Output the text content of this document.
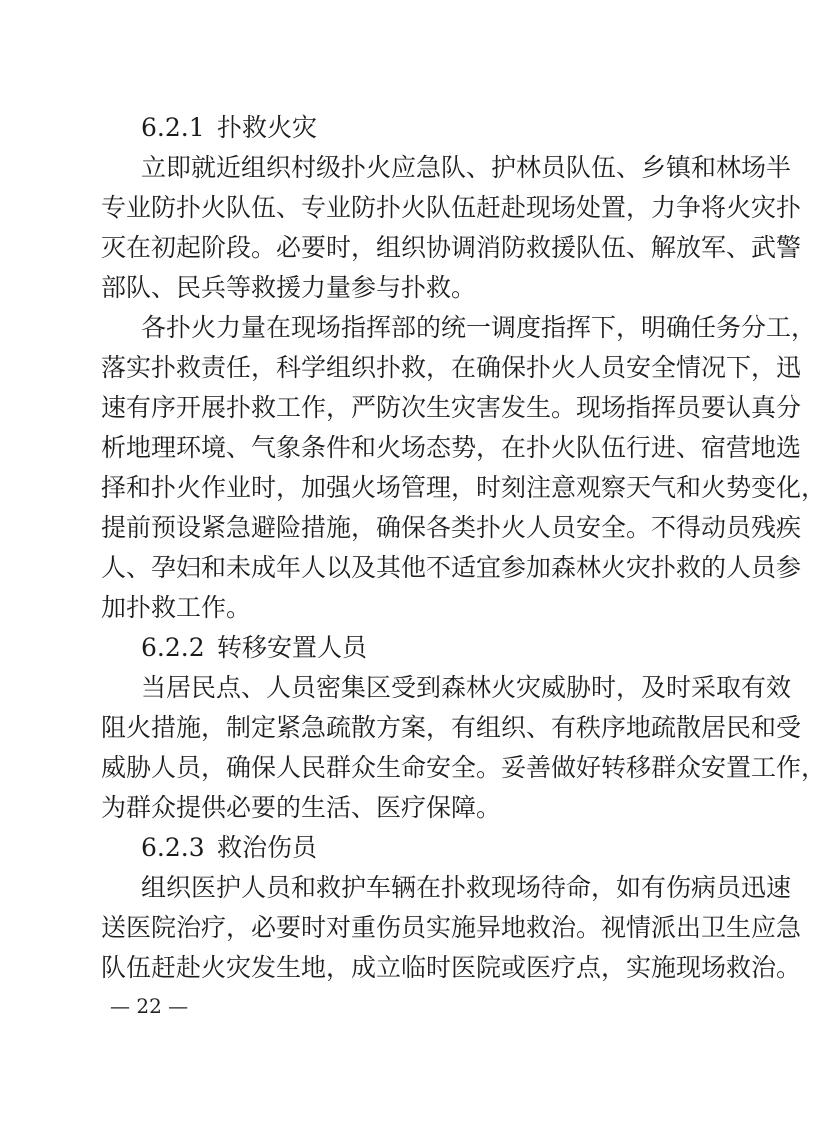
6.2.1 扑救火灾
立即就近组织村级扑火应急队、护林员队伍、乡镇和林场半
专业防扑火队伍、专业防扑火队伍赶赴现场处置，力争将火灾扑
灭在初起阶段。必要时，组织协调消防救援队伍、解放军、武警
部队、民兵等救援力量参与扑救。
各扑火力量在现场指挥部的统一调度指挥下，明确任务分工，
落实扑救责任，科学组织扑救，在确保扑火人员安全情况下，迅
速有序开展扑救工作，严防次生灾害发生。现场指挥员要认真分
析地理环境、气象条件和火场态势，在扑火队伍行进、宿营地选
择和扑火作业时，加强火场管理，时刻注意观察天气和火势变化，
提前预设紧急避险措施，确保各类扑火人员安全。不得动员残疾
人、孕妇和未成年人以及其他不适宜参加森林火灾扑救的人员参
加扑救工作。
6.2.2 转移安置人员
当居民点、人员密集区受到森林火灾威胁时，及时采取有效
阻火措施，制定紧急疏散方案，有组织、有秩序地疏散居民和受
威胁人员，确保人民群众生命安全。妥善做好转移群众安置工作，
为群众提供必要的生活、医疗保障。
6.2.3 救治伤员
组织医护人员和救护车辆在扑救现场待命，如有伤病员迅速
送医院治疗，必要时对重伤员实施异地救治。视情派出卫生应急
队伍赶赴火灾发生地，成立临时医院或医疗点，实施现场救治。
— 22 —
